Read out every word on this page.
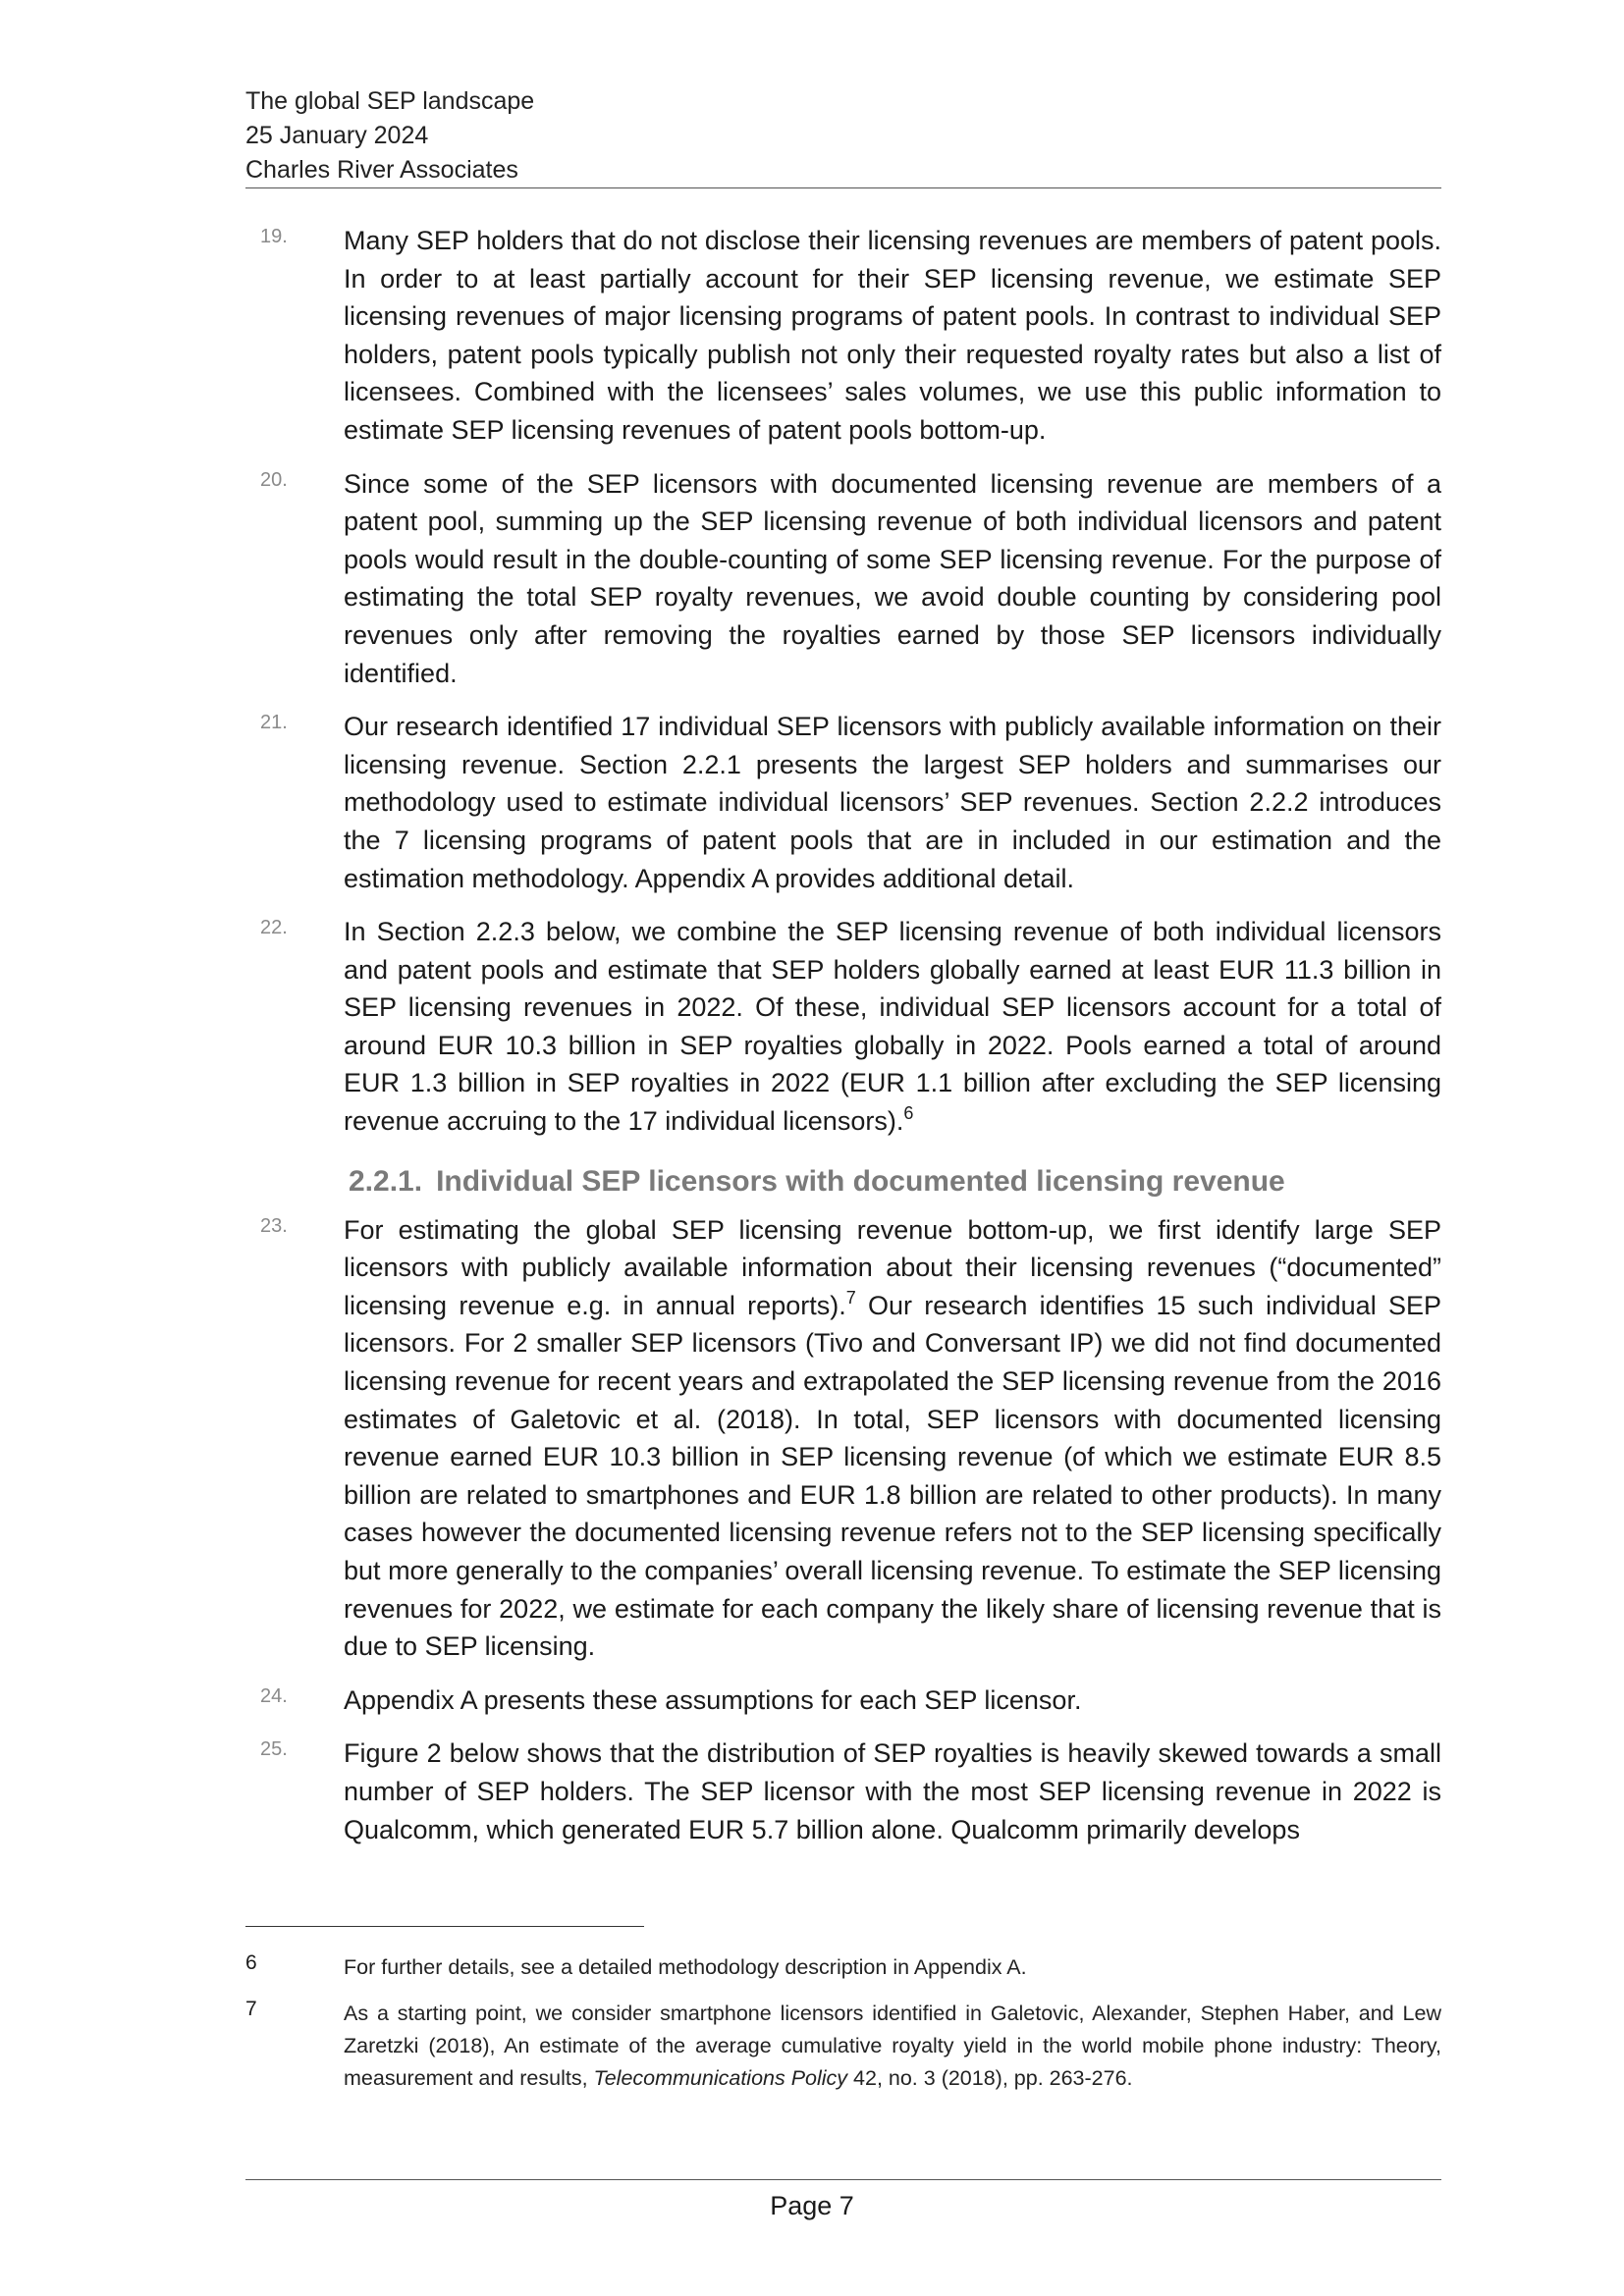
The global SEP landscape
25 January 2024
Charles River Associates
19. Many SEP holders that do not disclose their licensing revenues are members of patent pools. In order to at least partially account for their SEP licensing revenue, we estimate SEP licensing revenues of major licensing programs of patent pools. In contrast to individual SEP holders, patent pools typically publish not only their requested royalty rates but also a list of licensees. Combined with the licensees’ sales volumes, we use this public information to estimate SEP licensing revenues of patent pools bottom-up.
20. Since some of the SEP licensors with documented licensing revenue are members of a patent pool, summing up the SEP licensing revenue of both individual licensors and patent pools would result in the double-counting of some SEP licensing revenue. For the purpose of estimating the total SEP royalty revenues, we avoid double counting by considering pool revenues only after removing the royalties earned by those SEP licensors individually identified.
21. Our research identified 17 individual SEP licensors with publicly available information on their licensing revenue. Section 2.2.1 presents the largest SEP holders and summarises our methodology used to estimate individual licensors’ SEP revenues. Section 2.2.2 introduces the 7 licensing programs of patent pools that are in included in our estimation and the estimation methodology. Appendix A provides additional detail.
22. In Section 2.2.3 below, we combine the SEP licensing revenue of both individual licensors and patent pools and estimate that SEP holders globally earned at least EUR 11.3 billion in SEP licensing revenues in 2022. Of these, individual SEP licensors account for a total of around EUR 10.3 billion in SEP royalties globally in 2022. Pools earned a total of around EUR 1.3 billion in SEP royalties in 2022 (EUR 1.1 billion after excluding the SEP licensing revenue accruing to the 17 individual licensors).$^6$
2.2.1. Individual SEP licensors with documented licensing revenue
23. For estimating the global SEP licensing revenue bottom-up, we first identify large SEP licensors with publicly available information about their licensing revenues (“documented” licensing revenue e.g. in annual reports).$^7$ Our research identifies 15 such individual SEP licensors. For 2 smaller SEP licensors (Tivo and Conversant IP) we did not find documented licensing revenue for recent years and extrapolated the SEP licensing revenue from the 2016 estimates of Galetovic et al. (2018). In total, SEP licensors with documented licensing revenue earned EUR 10.3 billion in SEP licensing revenue (of which we estimate EUR 8.5 billion are related to smartphones and EUR 1.8 billion are related to other products). In many cases however the documented licensing revenue refers not to the SEP licensing specifically but more generally to the companies’ overall licensing revenue. To estimate the SEP licensing revenues for 2022, we estimate for each company the likely share of licensing revenue that is due to SEP licensing.
24. Appendix A presents these assumptions for each SEP licensor.
25. Figure 2 below shows that the distribution of SEP royalties is heavily skewed towards a small number of SEP holders. The SEP licensor with the most SEP licensing revenue in 2022 is Qualcomm, which generated EUR 5.7 billion alone. Qualcomm primarily develops
6	For further details, see a detailed methodology description in Appendix A.
7	As a starting point, we consider smartphone licensors identified in Galetovic, Alexander, Stephen Haber, and Lew Zaretzki (2018), An estimate of the average cumulative royalty yield in the world mobile phone industry: Theory, measurement and results, Telecommunications Policy 42, no. 3 (2018), pp. 263-276.
Page 7
